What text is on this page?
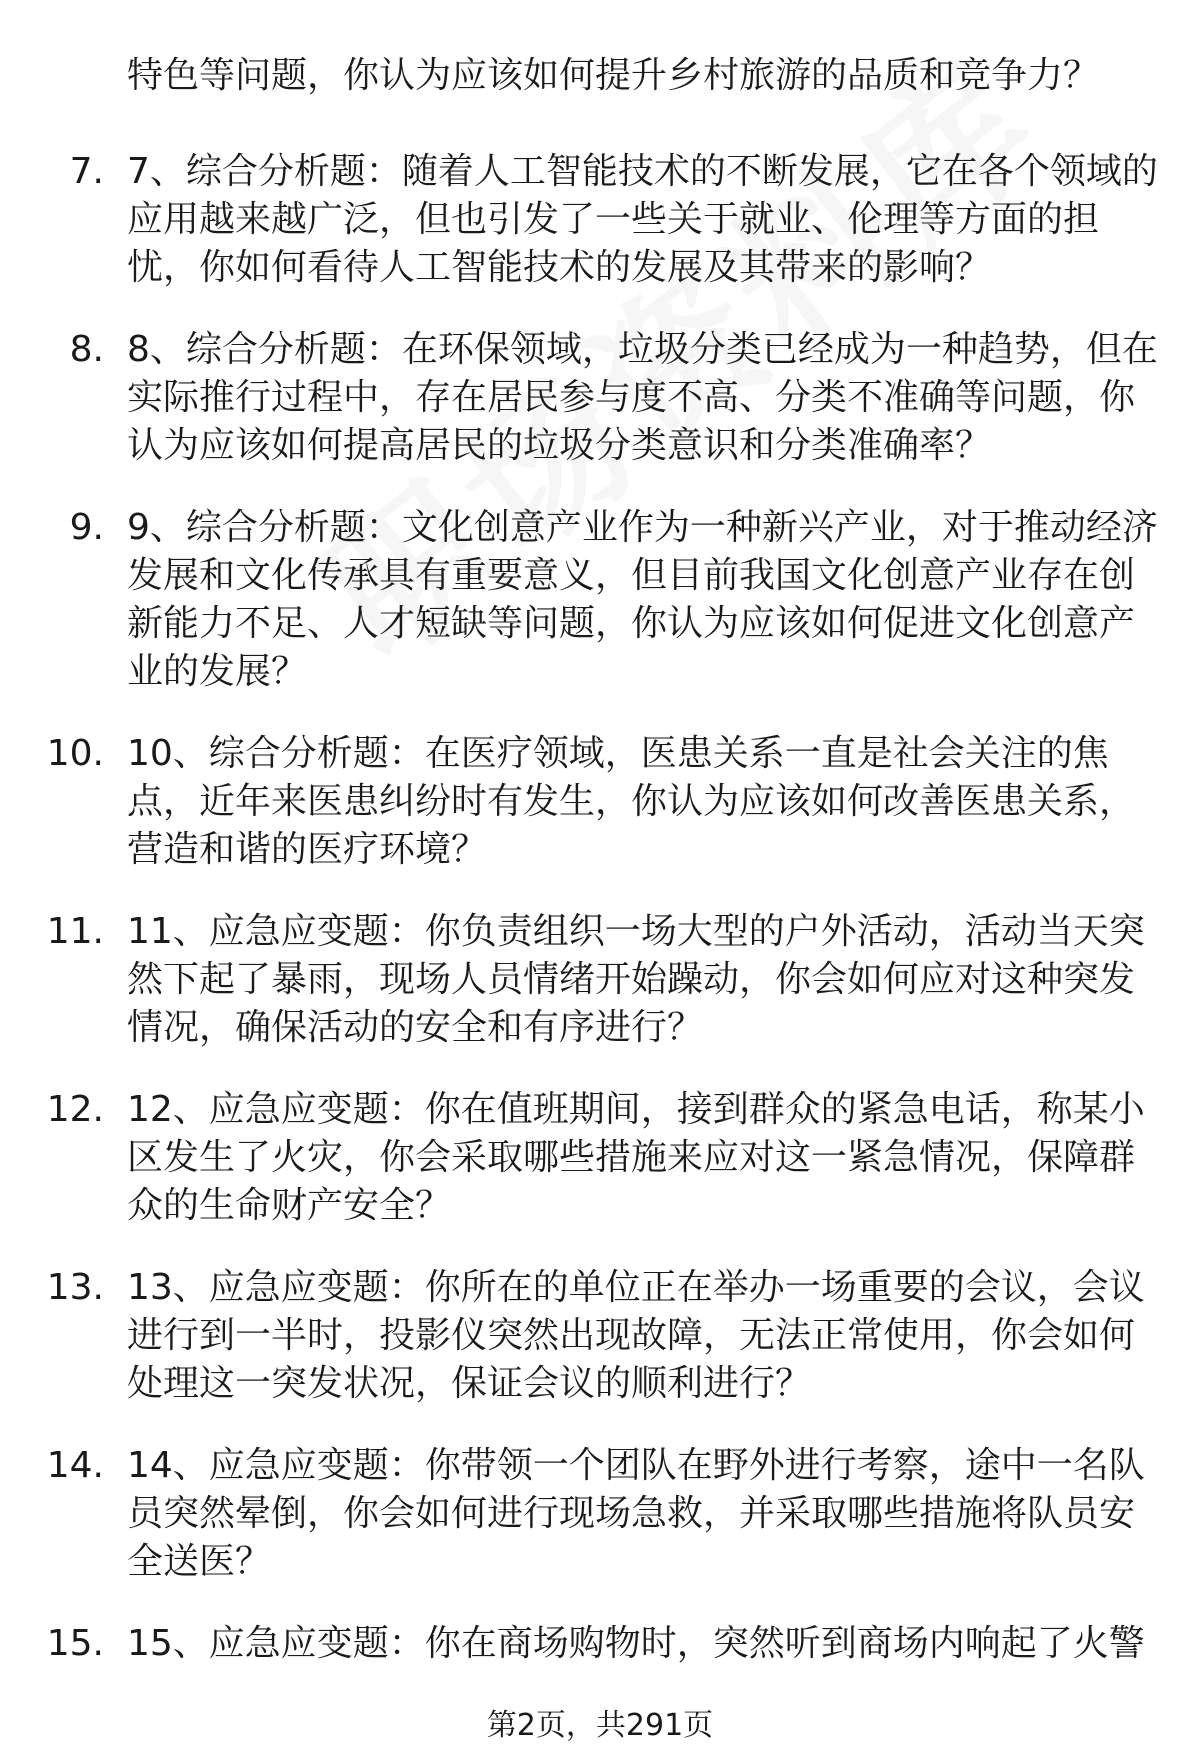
特色等问题，你认为应该如何提升乡村旅游的品质和竞争力？
7. 7、综合分析题：随着人工智能技术的不断发展，它在各个领域的应用越来越广泛，但也引发了一些关于就业、伦理等方面的担忧，你如何看待人工智能技术的发展及其带来的影响？
8. 8、综合分析题：在环保领域，垃圾分类已经成为一种趋势，但在实际推行过程中，存在居民参与度不高、分类不准确等问题，你认为应该如何提高居民的垃圾分类意识和分类准确率？
9. 9、综合分析题：文化创意产业作为一种新兴产业，对于推动经济发展和文化传承具有重要意义，但目前我国文化创意产业存在创新能力不足、人才短缺等问题，你认为应该如何促进文化创意产业的发展？
10. 10、综合分析题：在医疗领域，医患关系一直是社会关注的焦点，近年来医患纠纷时有发生，你认为应该如何改善医患关系，营造和谐的医疗环境？
11. 11、应急应变题：你负责组织一场大型的户外活动，活动当天突然下起了暴雨，现场人员情绪开始躁动，你会如何应对这种突发情况，确保活动的安全和有序进行？
12. 12、应急应变题：你在值班期间，接到群众的紧急电话，称某小区发生了火灾，你会采取哪些措施来应对这一紧急情况，保障群众的生命财产安全？
13. 13、应急应变题：你所在的单位正在举办一场重要的会议，会议进行到一半时，投影仪突然出现故障，无法正常使用，你会如何处理这一突发状况，保证会议的顺利进行？
14. 14、应急应变题：你带领一个团队在野外进行考察，途中一名队员突然晕倒，你会如何进行现场急救，并采取哪些措施将队员安全送医？
15. 15、应急应变题：你在商场购物时，突然听到商场内响起了火警
第2页，共291页
